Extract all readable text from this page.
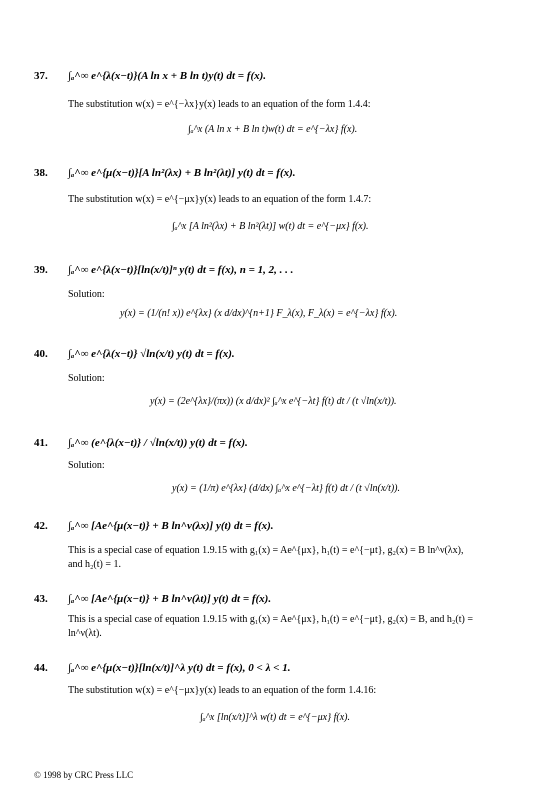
37. ∫ₐ^∞ e^{λ(x−t)}(A ln x + B ln t)y(t) dt = f(x).
The substitution w(x) = e^{−λx}y(x) leads to an equation of the form 1.4.4:
∫ₐ^x (A ln x + B ln t)w(t) dt = e^{−λx} f(x).
38. ∫ₐ^∞ e^{μ(x−t)}[A ln²(λx) + B ln²(λt)] y(t) dt = f(x).
The substitution w(x) = e^{−μx}y(x) leads to an equation of the form 1.4.7:
∫ₐ^x [A ln²(λx) + B ln²(λt)] w(t) dt = e^{−μx} f(x).
39. ∫ₐ^∞ e^{λ(x−t)}[ln(x/t)]ⁿ y(t) dt = f(x), n = 1, 2, . . .
Solution:
y(x) = (1/(n! x)) e^{λx} (x d/dx)^{n+1} F_λ(x), F_λ(x) = e^{−λx} f(x).
40. ∫ₐ^∞ e^{λ(x−t)} √ln(x/t) y(t) dt = f(x).
Solution:
y(x) = (2e^{λx}/(πx)) (x d/dx)² ∫ₐ^x e^{−λt} f(t) dt / (t √ln(x/t)).
41. ∫ₐ^∞ (e^{λ(x−t)} / √ln(x/t)) y(t) dt = f(x).
Solution:
y(x) = (1/π) e^{λx} (d/dx) ∫ₐ^x e^{−λt} f(t) dt / (t √ln(x/t)).
42. ∫ₐ^∞ [Ae^{μ(x−t)} + B ln^ν(λx)] y(t) dt = f(x).
This is a special case of equation 1.9.15 with g₁(x) = Ae^{μx}, h₁(t) = e^{−μt}, g₂(x) = B ln^ν(λx), and h₂(t) = 1.
43. ∫ₐ^∞ [Ae^{μ(x−t)} + B ln^ν(λt)] y(t) dt = f(x).
This is a special case of equation 1.9.15 with g₁(x) = Ae^{μx}, h₁(t) = e^{−μt}, g₂(x) = B, and h₂(t) = ln^ν(λt).
44. ∫ₐ^∞ e^{μ(x−t)}[ln(x/t)]^λ y(t) dt = f(x), 0 < λ < 1.
The substitution w(x) = e^{−μx}y(x) leads to an equation of the form 1.4.16:
∫ₐ^x [ln(x/t)]^λ w(t) dt = e^{−μx} f(x).
© 1998 by CRC Press LLC
